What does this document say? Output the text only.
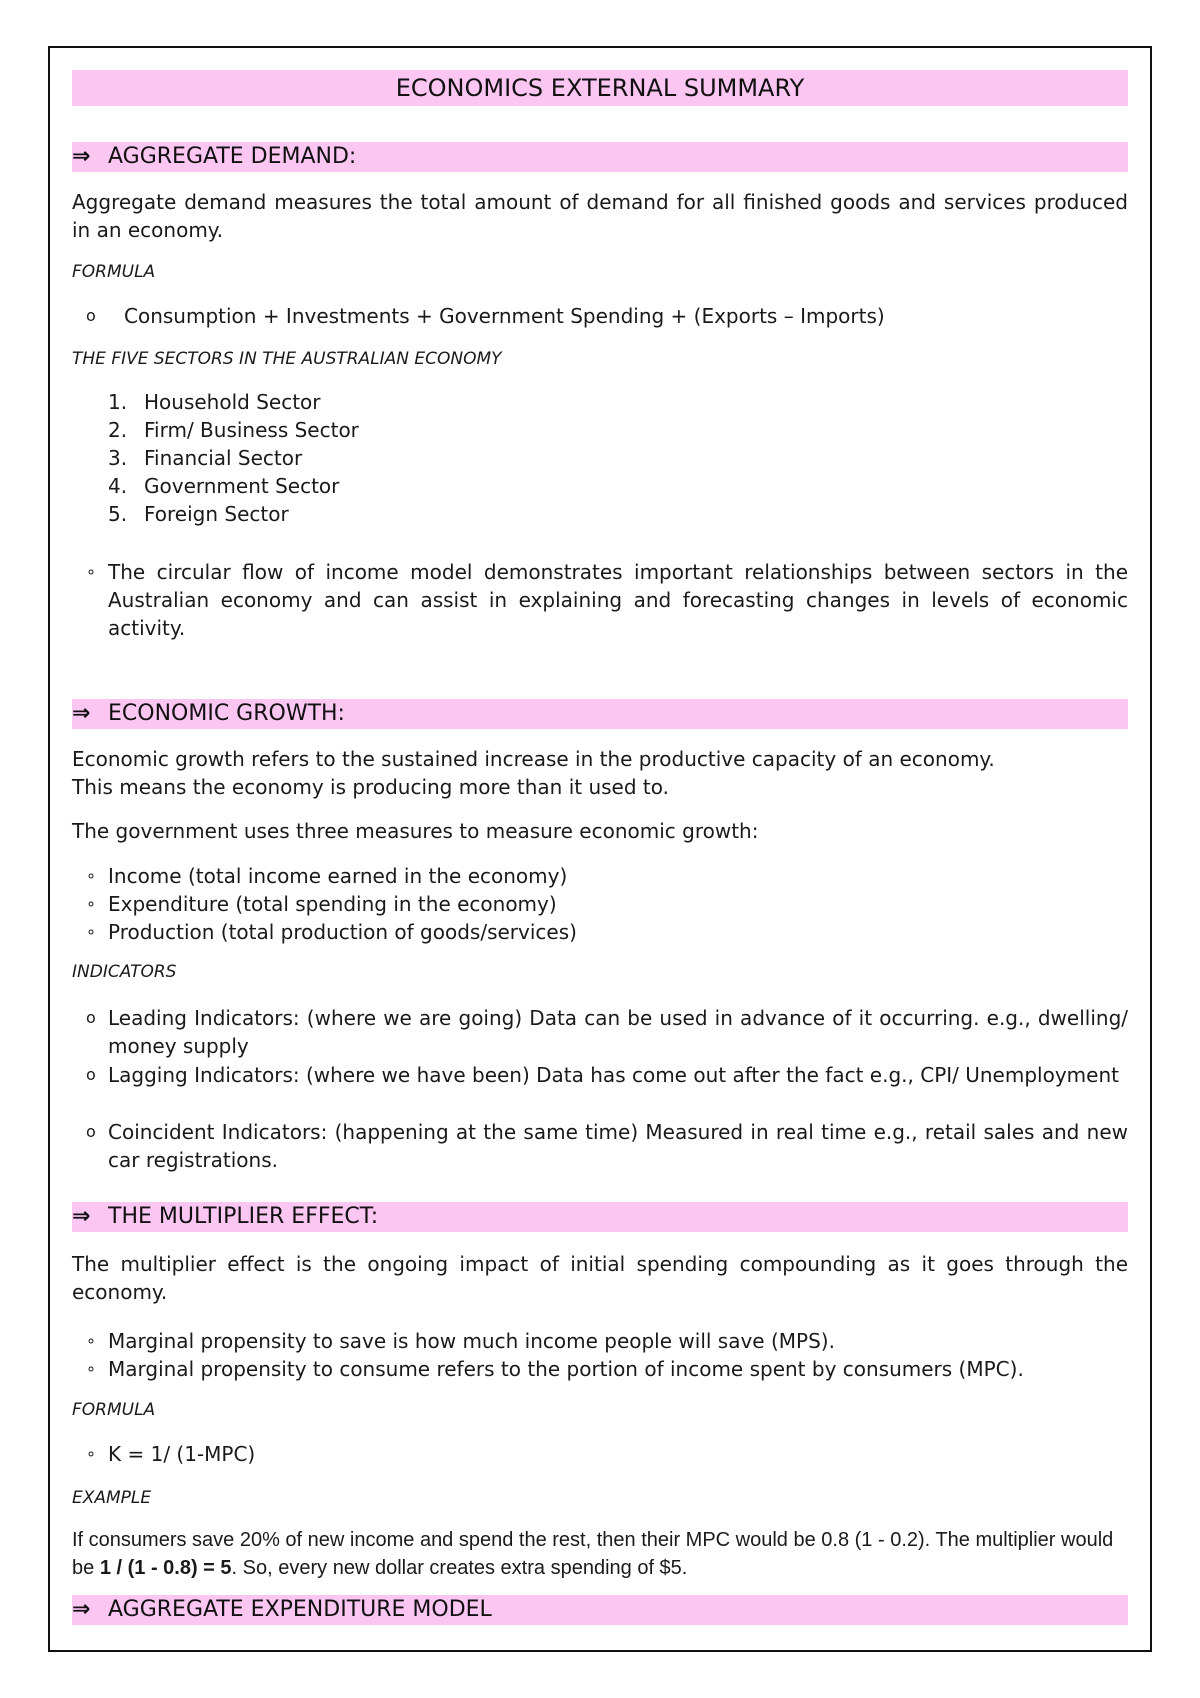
ECONOMICS EXTERNAL SUMMARY
⇒ AGGREGATE DEMAND:
Aggregate demand measures the total amount of demand for all finished goods and services produced in an economy.
FORMULA
o Consumption + Investments + Government Spending + (Exports – Imports)
THE FIVE SECTORS IN THE AUSTRALIAN ECONOMY
1. Household Sector
2. Firm/ Business Sector
3. Financial Sector
4. Government Sector
5. Foreign Sector
∘ The circular flow of income model demonstrates important relationships between sectors in the Australian economy and can assist in explaining and forecasting changes in levels of economic activity.
⇒ ECONOMIC GROWTH:
Economic growth refers to the sustained increase in the productive capacity of an economy.
This means the economy is producing more than it used to.
The government uses three measures to measure economic growth:
∘ Income (total income earned in the economy)
∘ Expenditure (total spending in the economy)
∘ Production (total production of goods/services)
INDICATORS
o Leading Indicators: (where we are going) Data can be used in advance of it occurring. e.g., dwelling/ money supply
o Lagging Indicators: (where we have been) Data has come out after the fact e.g., CPI/ Unemployment
o Coincident Indicators: (happening at the same time) Measured in real time e.g., retail sales and new car registrations.
⇒ THE MULTIPLIER EFFECT:
The multiplier effect is the ongoing impact of initial spending compounding as it goes through the economy.
∘ Marginal propensity to save is how much income people will save (MPS).
∘ Marginal propensity to consume refers to the portion of income spent by consumers (MPC).
FORMULA
∘ K = 1/ (1-MPC)
EXAMPLE
If consumers save 20% of new income and spend the rest, then their MPC would be 0.8 (1 - 0.2). The multiplier would be 1 / (1 - 0.8) = 5. So, every new dollar creates extra spending of $5.
⇒ AGGREGATE EXPENDITURE MODEL
